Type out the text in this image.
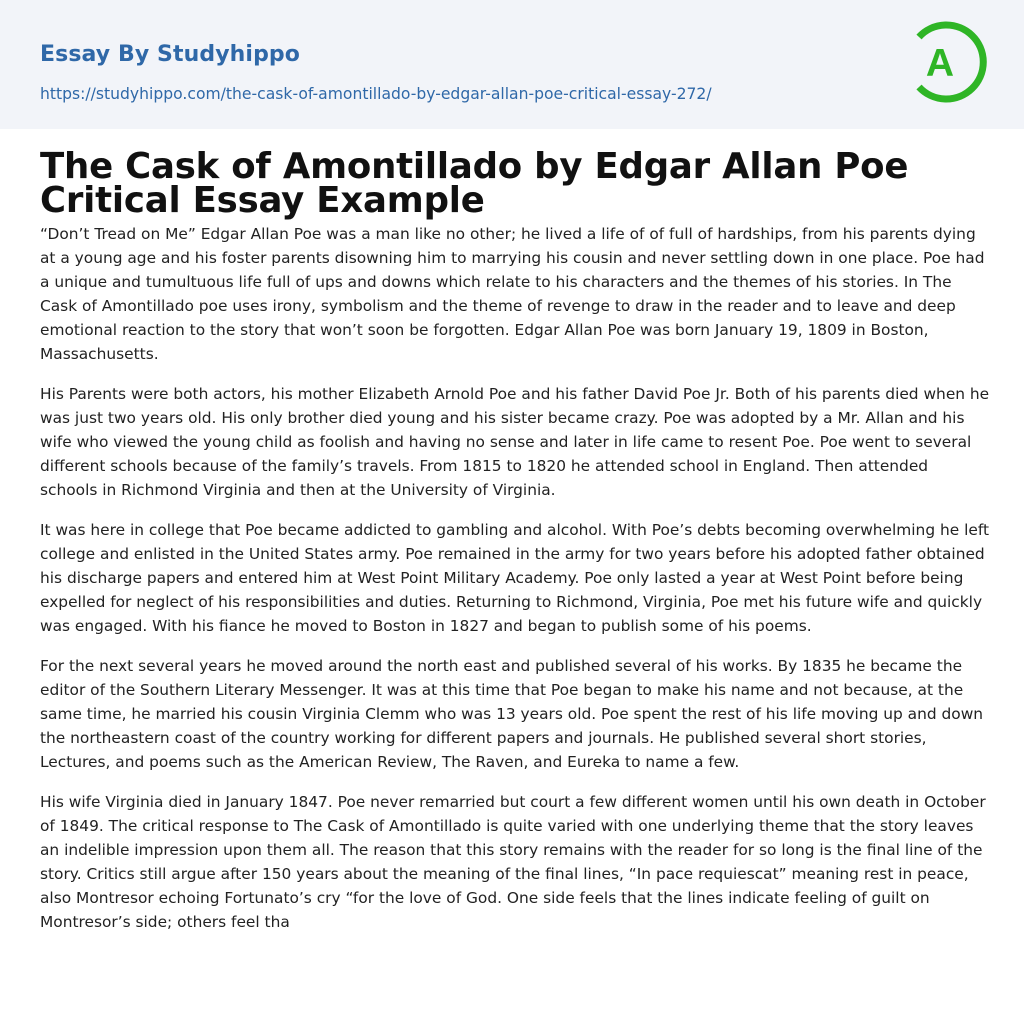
Essay By Studyhippo
https://studyhippo.com/the-cask-of-amontillado-by-edgar-allan-poe-critical-essay-272/
A
The Cask of Amontillado by Edgar Allan Poe Critical Essay Example

“Don’t Tread on Me” Edgar Allan Poe was a man like no other; he lived a life of of full of hardships, from his parents dying at a young age and his foster parents disowning him to marrying his cousin and never settling down in one place. Poe had a unique and tumultuous life full of ups and downs which relate to his characters and the themes of his stories. In The Cask of Amontillado poe uses irony, symbolism and the theme of revenge to draw in the reader and to leave and deep emotional reaction to the story that won’t soon be forgotten. Edgar Allan Poe was born January 19, 1809 in Boston, Massachusetts.

His Parents were both actors, his mother Elizabeth Arnold Poe and his father David Poe Jr. Both of his parents died when he was just two years old. His only brother died young and his sister became crazy. Poe was adopted by a Mr. Allan and his wife who viewed the young child as foolish and having no sense and later in life came to resent Poe. Poe went to several different schools because of the family’s travels. From 1815 to 1820 he attended school in England. Then attended schools in Richmond Virginia and then at the University of Virginia.

It was here in college that Poe became addicted to gambling and alcohol. With Poe’s debts becoming overwhelming he left college and enlisted in the United States army. Poe remained in the army for two years before his adopted father obtained his discharge papers and entered him at West Point Military Academy. Poe only lasted a year at West Point before being expelled for neglect of his responsibilities and duties. Returning to Richmond, Virginia, Poe met his future wife and quickly was engaged. With his fiance he moved to Boston in 1827 and began to publish some of his poems.

For the next several years he moved around the north east and published several of his works. By 1835 he became the editor of the Southern Literary Messenger. It was at this time that Poe began to make his name and not because, at the same time, he married his cousin Virginia Clemm who was 13 years old. Poe spent the rest of his life moving up and down the northeastern coast of the country working for different papers and journals. He published several short stories, Lectures, and poems such as the American Review, The Raven, and Eureka to name a few.

His wife Virginia died in January 1847. Poe never remarried but court a few different women until his own death in October of 1849. The critical response to The Cask of Amontillado is quite varied with one underlying theme that the story leaves an indelible impression upon them all. The reason that this story remains with the reader for so long is the final line of the story. Critics still argue after 150 years about the meaning of the final lines, “In pace requiescat” meaning rest in peace, also Montresor echoing Fortunato’s cry “for the love of God. One side feels that the lines indicate feeling of guilt on Montresor’s side; others feel tha
